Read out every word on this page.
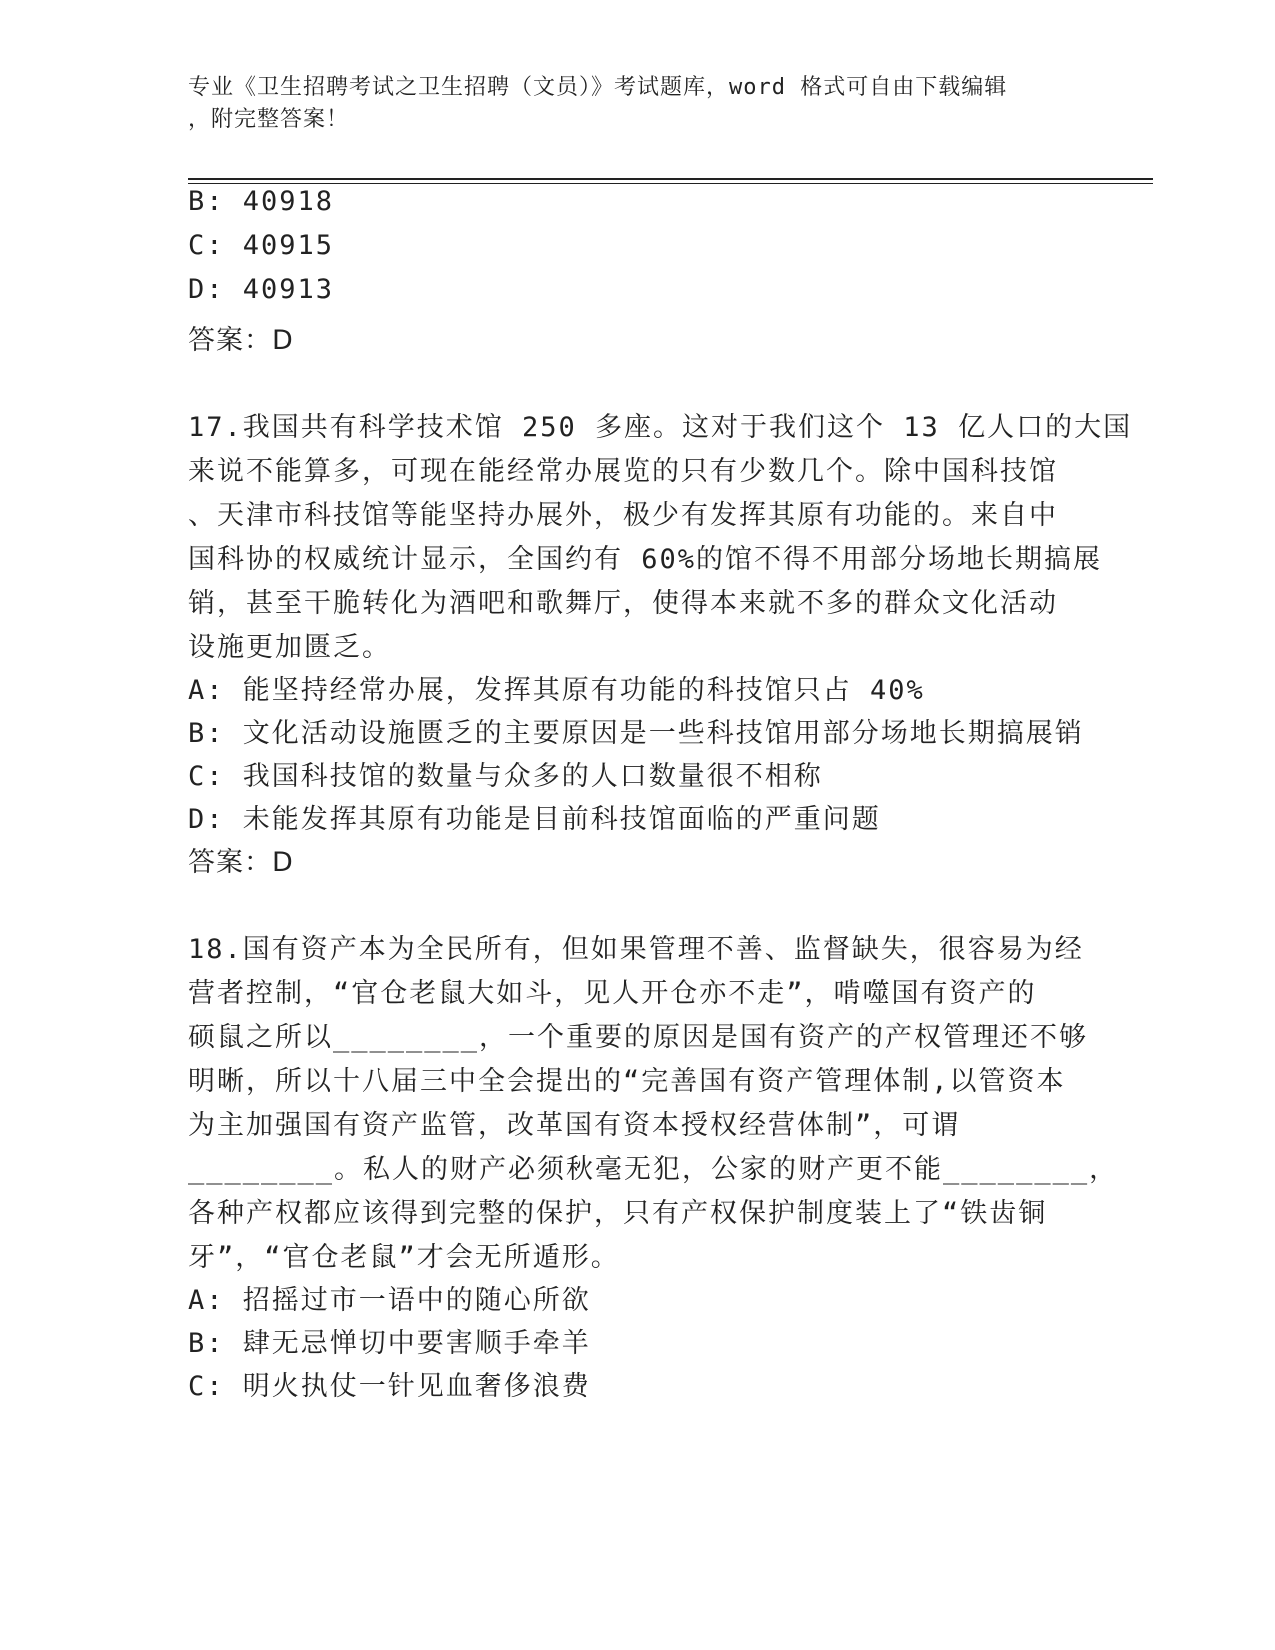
专业《卫生招聘考试之卫生招聘（文员）》考试题库，word 格式可自由下载编辑
，附完整答案！
B: 40918
C: 40915
D: 40913
答案：D
17.我国共有科学技术馆 250 多座。这对于我们这个 13 亿人口的大国
来说不能算多，可现在能经常办展览的只有少数几个。除中国科技馆
、天津市科技馆等能坚持办展外，极少有发挥其原有功能的。来自中
国科协的权威统计显示，全国约有 60%的馆不得不用部分场地长期搞展
销，甚至干脆转化为酒吧和歌舞厅，使得本来就不多的群众文化活动
设施更加匮乏。
A: 能坚持经常办展，发挥其原有功能的科技馆只占 40%
B: 文化活动设施匮乏的主要原因是一些科技馆用部分场地长期搞展销
C: 我国科技馆的数量与众多的人口数量很不相称
D: 未能发挥其原有功能是目前科技馆面临的严重问题
答案：D
18.国有资产本为全民所有，但如果管理不善、监督缺失，很容易为经
营者控制，“官仓老鼠大如斗，见人开仓亦不走”，啃噬国有资产的
硕鼠之所以________，一个重要的原因是国有资产的产权管理还不够
明晰，所以十八届三中全会提出的“完善国有资产管理体制,以管资本
为主加强国有资产监管，改革国有资本授权经营体制”，可谓
________。私人的财产必须秋毫无犯，公家的财产更不能________，
各种产权都应该得到完整的保护，只有产权保护制度装上了“铁齿铜
牙”，“官仓老鼠”才会无所遁形。
A: 招摇过市一语中的随心所欲
B: 肆无忌惮切中要害顺手牵羊
C: 明火执仗一针见血奢侈浪费
